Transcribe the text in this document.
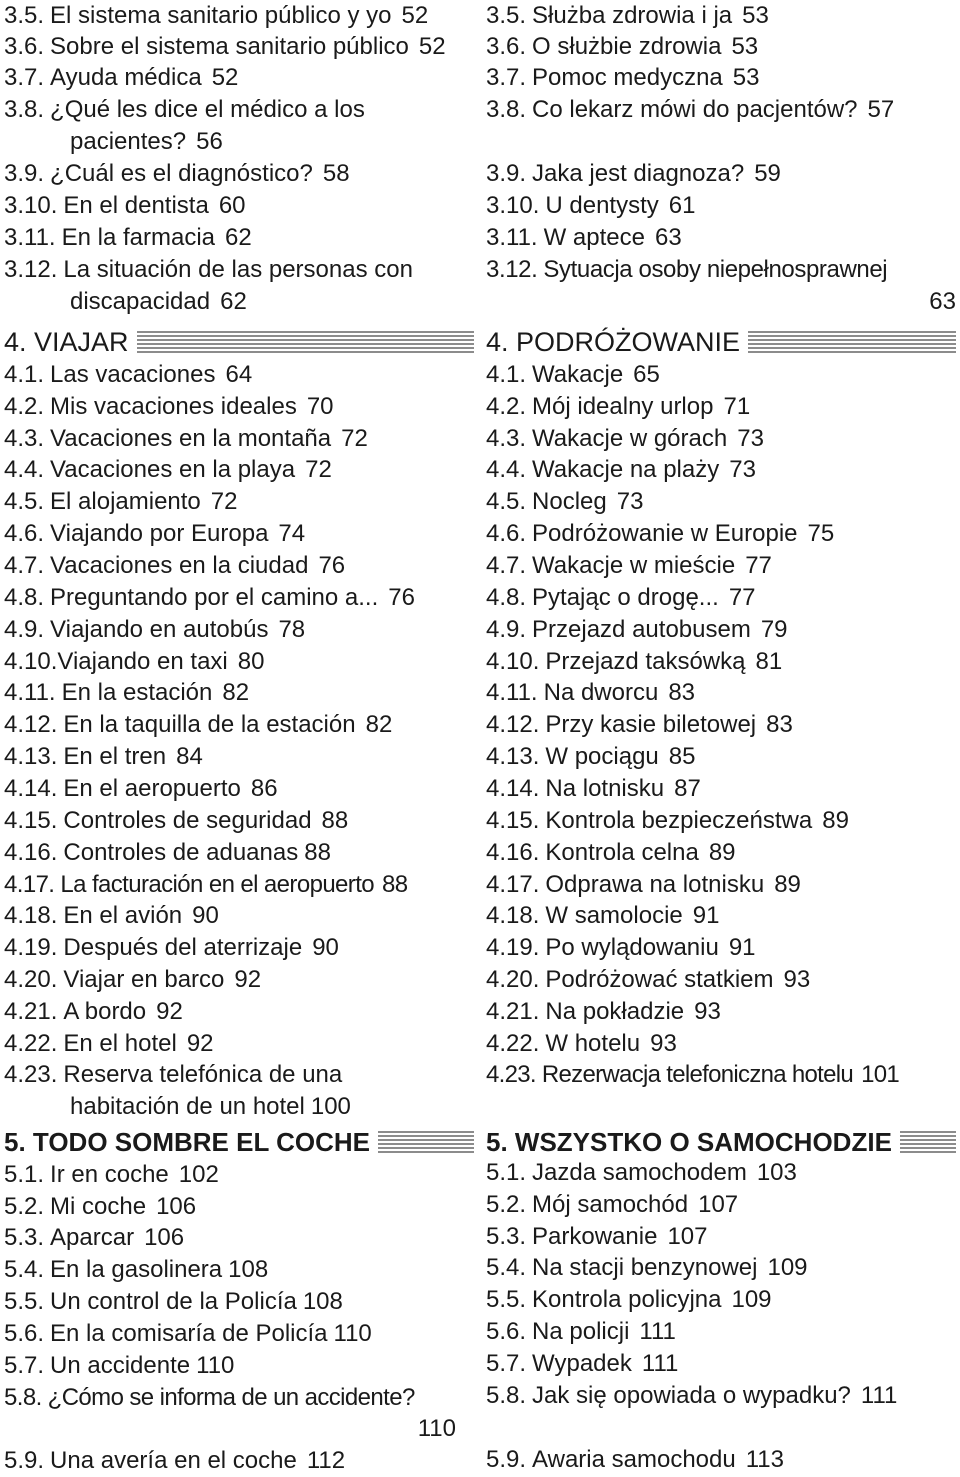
3.5. El sistema sanitario público y yo 52
3.6. Sobre el sistema sanitario público 52
3.7. Ayuda médica 52
3.8. ¿Qué les dice el médico a los
pacientes? 56
3.9. ¿Cuál es el diagnóstico? 58
3.10. En el dentista 60
3.11. En la farmacia 62
3.12. La situación de las personas con
discapacidad 62
4. VIAJAR
4.1. Las vacaciones 64
4.2. Mis vacaciones ideales 70
4.3. Vacaciones en la montaña 72
4.4. Vacaciones en la playa 72
4.5. El alojamiento 72
4.6. Viajando por Europa 74
4.7. Vacaciones en la ciudad 76
4.8. Preguntando por el camino a... 76
4.9. Viajando en autobús 78
4.10.Viajando en taxi 80
4.11. En la estación 82
4.12. En la taquilla de la estación 82
4.13. En el tren 84
4.14. En el aeropuerto 86
4.15. Controles de seguridad 88
4.16. Controles de aduanas 88
4.17. La facturación en el aeropuerto 88
4.18. En el avión 90
4.19. Después del aterrizaje 90
4.20. Viajar en barco 92
4.21. A bordo 92
4.22. En el hotel 92
4.23. Reserva telefónica de una
habitación de un hotel 100
5. TODO SOMBRE EL COCHE
5.1. Ir en coche 102
5.2. Mi coche 106
5.3. Aparcar 106
5.4. En la gasolinera 108
5.5. Un control de la Policía 108
5.6. En la comisaría de Policía 110
5.7. Un accidente 110
5.8. ¿Cómo se informa de un accidente?
110
5.9. Una avería en el coche 112
3.5. Służba zdrowia i ja 53
3.6. O służbie zdrowia 53
3.7. Pomoc medyczna 53
3.8. Co lekarz mówi do pacjentów? 57
3.9. Jaka jest diagnoza? 59
3.10. U dentysty 61
3.11. W aptece 63
3.12. Sytuacja osoby niepełnosprawnej
63
4. PODRÓŻOWANIE
4.1. Wakacje 65
4.2. Mój idealny urlop 71
4.3. Wakacje w górach 73
4.4. Wakacje na plaży 73
4.5. Nocleg 73
4.6. Podróżowanie w Europie 75
4.7. Wakacje w mieście 77
4.8. Pytając o drogę... 77
4.9. Przejazd autobusem 79
4.10. Przejazd taksówką 81
4.11. Na dworcu 83
4.12. Przy kasie biletowej 83
4.13. W pociągu 85
4.14. Na lotnisku 87
4.15. Kontrola bezpieczeństwa 89
4.16. Kontrola celna 89
4.17. Odprawa na lotnisku 89
4.18. W samolocie 91
4.19. Po wylądowaniu 91
4.20. Podróżować statkiem 93
4.21. Na pokładzie 93
4.22. W hotelu 93
4.23. Rezerwacja telefoniczna hotelu 101
5. WSZYSTKO O SAMOCHODZIE
5.1. Jazda samochodem 103
5.2. Mój samochód 107
5.3. Parkowanie 107
5.4. Na stacji benzynowej 109
5.5. Kontrola policyjna 109
5.6. Na policji 111
5.7. Wypadek 111
5.8. Jak się opowiada o wypadku? 111
5.9. Awaria samochodu 113
